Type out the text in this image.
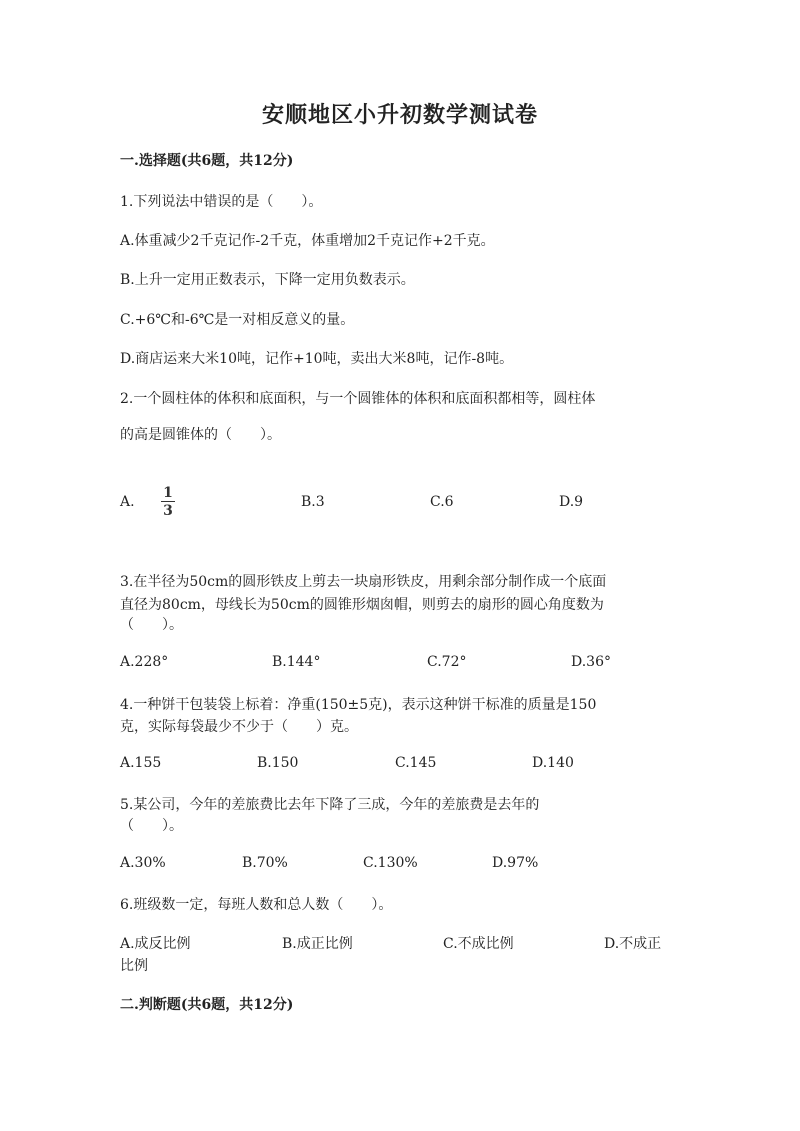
安顺地区小升初数学测试卷
一.选择题(共6题，共12分)
1.下列说法中错误的是（　　）。
A.体重减少2千克记作-2千克，体重增加2千克记作+2千克。
B.上升一定用正数表示，下降一定用负数表示。
C.+6℃和-6℃是一对相反意义的量。
D.商店运来大米10吨，记作+10吨，卖出大米8吨，记作-8吨。
2.一个圆柱体的体积和底面积，与一个圆锥体的体积和底面积都相等，圆柱体
的高是圆锥体的（　　）。
A.
1
3
B.3	C.6	D.9
3.在半径为50cm的圆形铁皮上剪去一块扇形铁皮，用剩余部分制作成一个底面
直径为80cm，母线长为50cm的圆锥形烟囱帽，则剪去的扇形的圆心角度数为
（　　）。
A.228°	B.144°	C.72°	D.36°
4.一种饼干包装袋上标着：净重(150±5克)，表示这种饼干标准的质量是150
克，实际每袋最少不少于（　　）克。
A.155	B.150	C.145	D.140
5.某公司，今年的差旅费比去年下降了三成，今年的差旅费是去年的
（　　）。
A.30%	B.70%	C.130%	D.97%
6.班级数一定，每班人数和总人数（　　）。
A.成反比例	B.成正比例	C.不成比例	D.不成正
比例
二.判断题(共6题，共12分)
